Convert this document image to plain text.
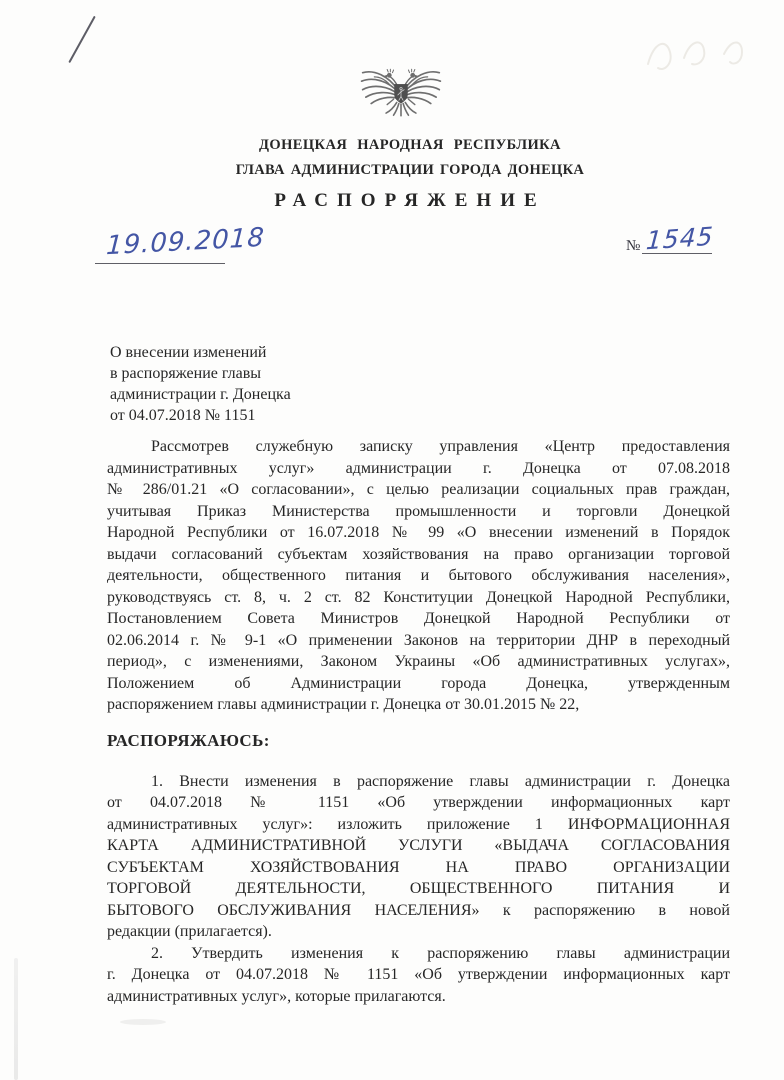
ДОНЕЦКАЯ НАРОДНАЯ РЕСПУБЛИКА
ГЛАВА АДМИНИСТРАЦИИ ГОРОДА ДОНЕЦКА
РАСПОРЯЖЕНИЕ
19.09.2018	№ 1545
О внесении изменений
в распоряжение главы
администрации г. Донецка
от 04.07.2018 № 1151
Рассмотрев служебную записку управления «Центр предоставления
административных услуг» администрации г. Донецка от 07.08.2018
№ 286/01.21 «О согласовании», с целью реализации социальных прав граждан,
учитывая Приказ Министерства промышленности и торговли Донецкой
Народной Республики от 16.07.2018 № 99 «О внесении изменений в Порядок
выдачи согласований субъектам хозяйствования на право организации торговой
деятельности, общественного питания и бытового обслуживания населения»,
руководствуясь ст. 8, ч. 2 ст. 82 Конституции Донецкой Народной Республики,
Постановлением Совета Министров Донецкой Народной Республики от
02.06.2014 г. № 9-1 «О применении Законов на территории ДНР в переходный
период», с изменениями, Законом Украины «Об административных услугах»,
Положением об Администрации города Донецка, утвержденным
распоряжением главы администрации г. Донецка от 30.01.2015 № 22,
РАСПОРЯЖАЮСЬ:
1. Внести изменения в распоряжение главы администрации г. Донецка
от 04.07.2018 № 1151 «Об утверждении информационных карт
административных услуг»: изложить приложение 1 ИНФОРМАЦИОННАЯ
КАРТА АДМИНИСТРАТИВНОЙ УСЛУГИ «ВЫДАЧА СОГЛАСОВАНИЯ
СУБЪЕКТАМ ХОЗЯЙСТВОВАНИЯ НА ПРАВО ОРГАНИЗАЦИИ
ТОРГОВОЙ ДЕЯТЕЛЬНОСТИ, ОБЩЕСТВЕННОГО ПИТАНИЯ И
БЫТОВОГО ОБСЛУЖИВАНИЯ НАСЕЛЕНИЯ» к распоряжению в новой
редакции (прилагается).
2. Утвердить изменения к распоряжению главы администрации
г. Донецка от 04.07.2018 № 1151 «Об утверждении информационных карт
административных услуг», которые прилагаются.
